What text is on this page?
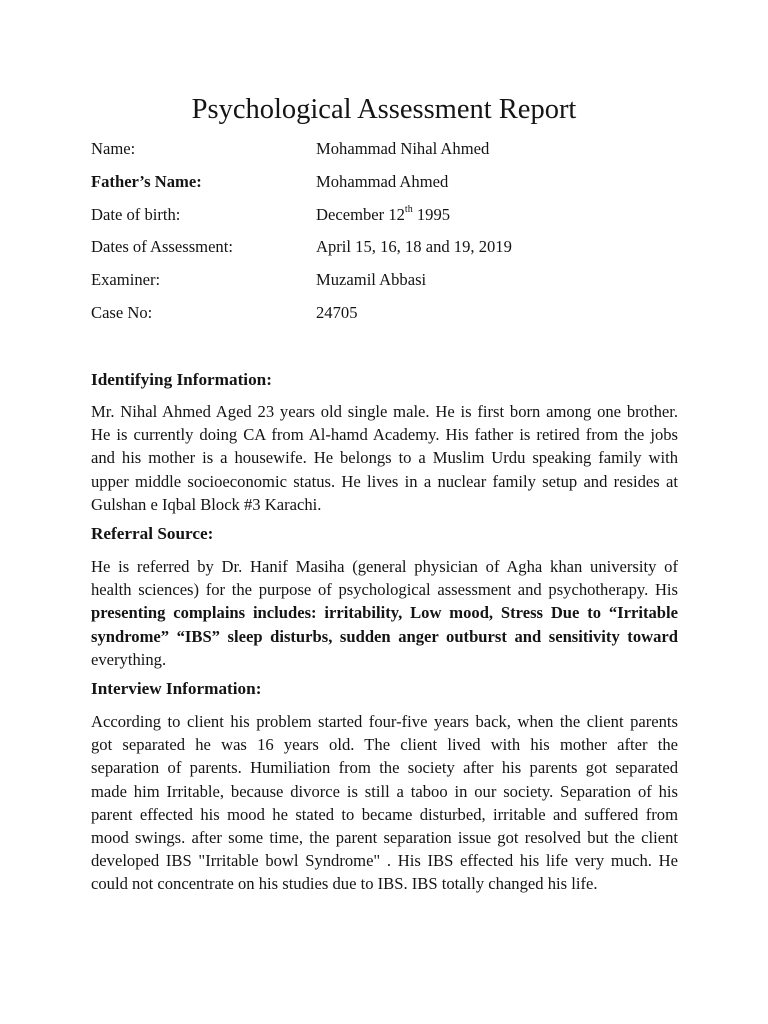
Psychological Assessment Report
Name:	Mohammad Nihal Ahmed
Father’s Name:	Mohammad Ahmed
Date of birth:	December 12th 1995
Dates of Assessment:	April 15, 16, 18 and 19, 2019
Examiner:	Muzamil Abbasi
Case No:	24705
Identifying Information:
Mr. Nihal Ahmed Aged 23 years old single male. He is first born among one brother.
He is currently doing CA from Al-hamd Academy. His father is retired from the jobs
and his mother is a housewife. He belongs to a Muslim Urdu speaking family with
upper middle socioeconomic status. He lives in a nuclear family setup and resides at
Gulshan e Iqbal Block #3 Karachi.
Referral Source:
He is referred by Dr. Hanif Masiha (general physician of Agha khan university of
health sciences) for the purpose of psychological assessment and psychotherapy. His
presenting complains includes: irritability, Low mood, Stress Due to “Irritable
syndrome” “IBS” sleep disturbs, sudden anger outburst and sensitivity toward
everything.
Interview Information:
According to client his problem started four-five years back, when the client parents
got separated he was 16 years old. The client lived with his mother after the
separation of parents. Humiliation from the society after his parents got separated
made him Irritable, because divorce is still a taboo in our society. Separation of his
parent effected his mood he stated to became disturbed, irritable and suffered from
mood swings. after some time, the parent separation issue got resolved but the client
developed IBS "Irritable bowl Syndrome" . His IBS effected his life very much. He
could not concentrate on his studies due to IBS. IBS totally changed his life.
